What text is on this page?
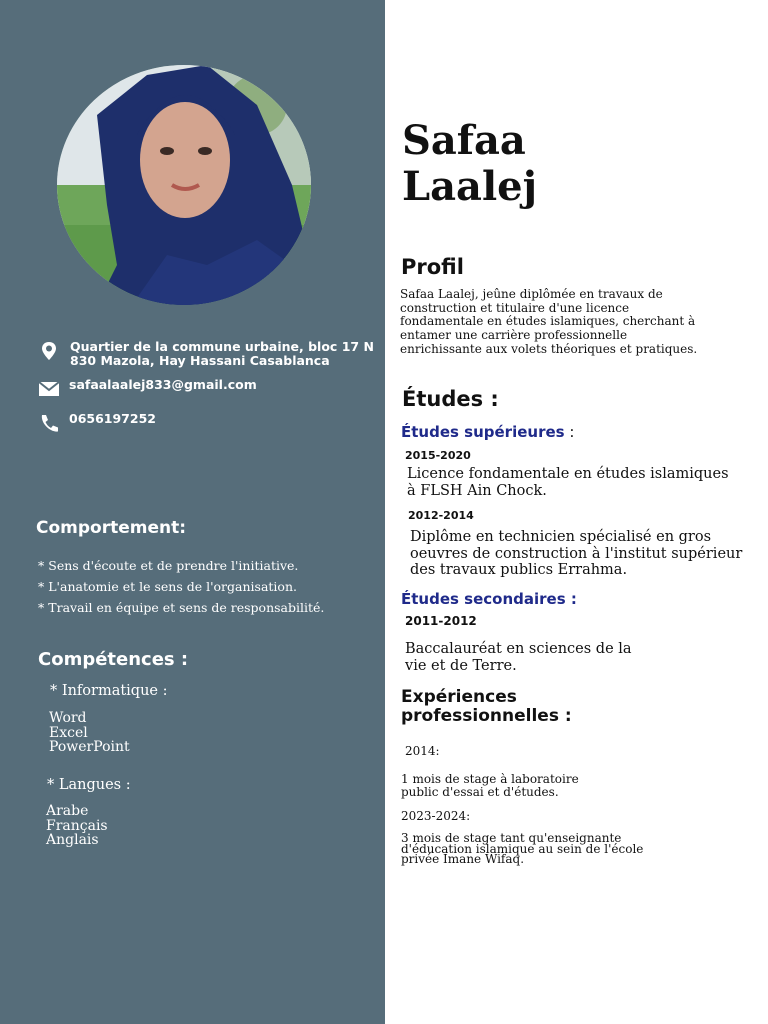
Quartier de la commune urbaine, bloc 17 N
830 Mazola, Hay Hassani Casablanca
safaalaalej833@gmail.com
0656197252
Comportement:
* Sens d'écoute et de prendre l'initiative.
* L'anatomie et le sens de l'organisation.
* Travail en équipe et sens de responsabilité.
Compétences :
* Informatique :
Word
Excel
PowerPoint
* Langues :
Arabe
Français
Anglais
Safaa
Laalej
Profil
Safaa Laalej, jeûne diplômée en travaux de construction et titulaire d'une licence fondamentale en études islamiques, cherchant à entamer une carrière professionnelle enrichissante aux volets théoriques et pratiques.
Études :
Études supérieures :
2015-2020
Licence fondamentale en études islamiques
à FLSH Ain Chock.
2012-2014
Diplôme en technicien spécialisé en gros
oeuvres de construction à l'institut supérieur
des travaux publics Errahma.
Études secondaires :
2011-2012
Baccalauréat en sciences de la
vie et de Terre.
Expériences
professionnelles :
2014:
1 mois de stage à laboratoire
public d'essai et d'études.
2023-2024:
3 mois de stage tant qu'enseignante
d'éducation islamique au sein de l'école
privée Imane Wifaq.
